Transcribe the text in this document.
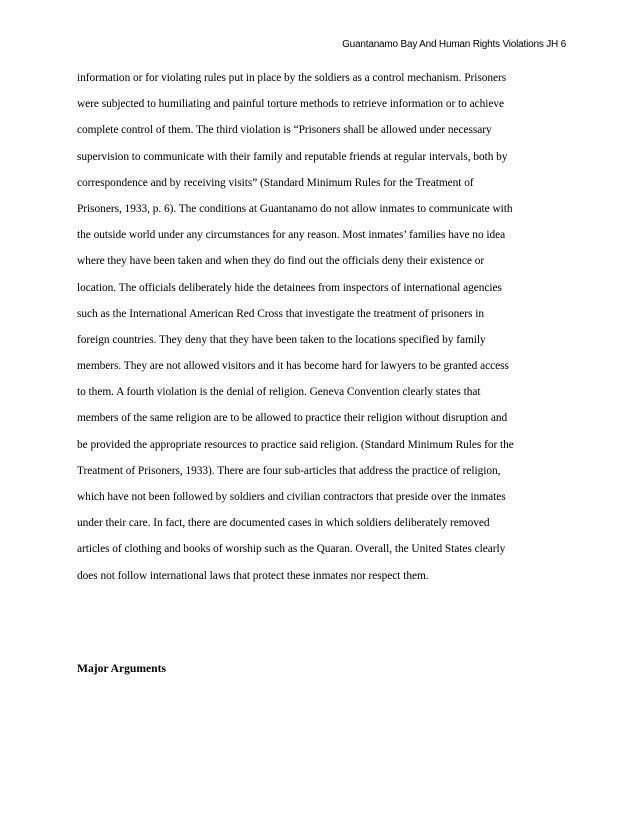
Guantanamo Bay And Human Rights Violations JH 6
information or for violating rules put in place by the soldiers as a control mechanism. Prisoners
were subjected to humiliating and painful torture methods to retrieve information or to achieve
complete control of them. The third violation is “Prisoners shall be allowed under necessary
supervision to communicate with their family and reputable friends at regular intervals, both by
correspondence and by receiving visits” (Standard Minimum Rules for the Treatment of
Prisoners, 1933, p. 6). The conditions at Guantanamo do not allow inmates to communicate with
the outside world under any circumstances for any reason. Most inmates’ families have no idea
where they have been taken and when they do find out the officials deny their existence or
location. The officials deliberately hide the detainees from inspectors of international agencies
such as the International American Red Cross that investigate the treatment of prisoners in
foreign countries. They deny that they have been taken to the locations specified by family
members. They are not allowed visitors and it has become hard for lawyers to be granted access
to them. A fourth violation is the denial of religion. Geneva Convention clearly states that
members of the same religion are to be allowed to practice their religion without disruption and
be provided the appropriate resources to practice said religion. (Standard Minimum Rules for the
Treatment of Prisoners, 1933). There are four sub-articles that address the practice of religion,
which have not been followed by soldiers and civilian contractors that preside over the inmates
under their care. In fact, there are documented cases in which soldiers deliberately removed
articles of clothing and books of worship such as the Quaran. Overall, the United States clearly
does not follow international laws that protect these inmates nor respect them.
Major Arguments
